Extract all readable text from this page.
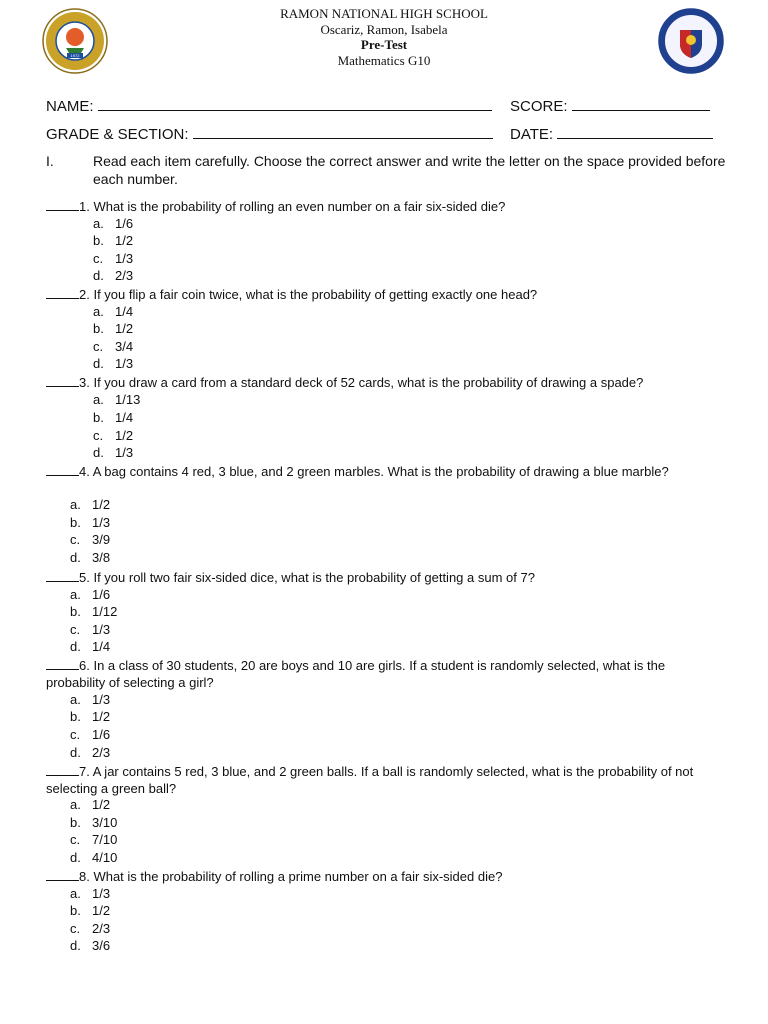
1972
RAMON NATIONAL HIGH SCHOOL
Oscariz, Ramon, Isabela
Pre-Test
Mathematics G10
NAME:	SCORE:
GRADE & SECTION:	DATE:
I.	Read each item carefully. Choose the correct answer and write the letter on the space provided before each number.
1. What is the probability of rolling an even number on a fair six-sided die?
a. 1/6
b. 1/2
c. 1/3
d. 2/3
2. If you flip a fair coin twice, what is the probability of getting exactly one head?
a. 1/4
b. 1/2
c. 3/4
d. 1/3
3. If you draw a card from a standard deck of 52 cards, what is the probability of drawing a spade?
a. 1/13
b. 1/4
c. 1/2
d. 1/3
4. A bag contains 4 red, 3 blue, and 2 green marbles. What is the probability of drawing a blue marble?
a. 1/2
b. 1/3
c. 3/9
d. 3/8
5. If you roll two fair six-sided dice, what is the probability of getting a sum of 7?
a. 1/6
b. 1/12
c. 1/3
d. 1/4
6. In a class of 30 students, 20 are boys and 10 are girls. If a student is randomly selected, what is the probability of selecting a girl?
a. 1/3
b. 1/2
c. 1/6
d. 2/3
7. A jar contains 5 red, 3 blue, and 2 green balls. If a ball is randomly selected, what is the probability of not selecting a green ball?
a. 1/2
b. 3/10
c. 7/10
d. 4/10
8. What is the probability of rolling a prime number on a fair six-sided die?
a. 1/3
b. 1/2
c. 2/3
d. 3/6
